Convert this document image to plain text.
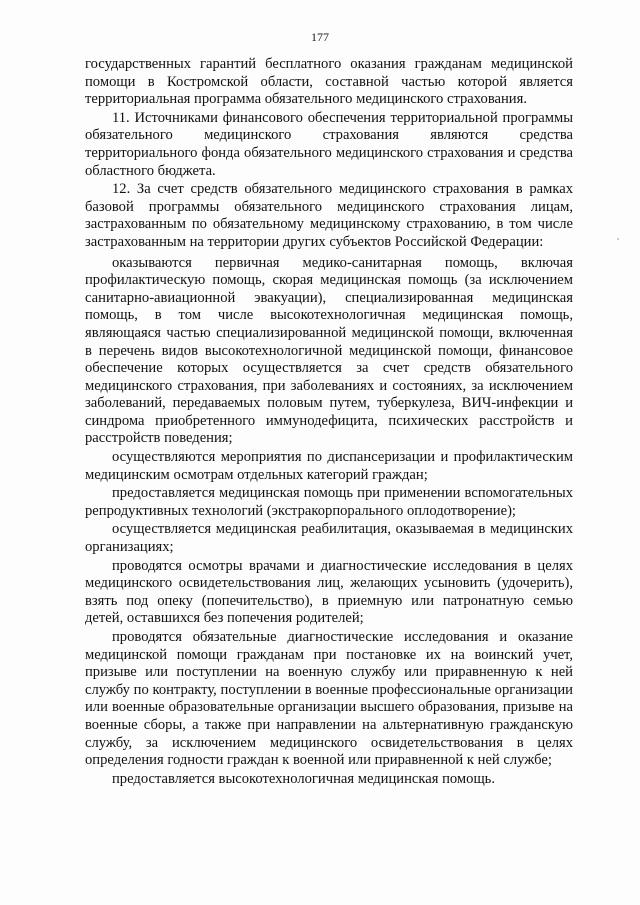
177

государственных гарантий бесплатного оказания гражданам медицинской помощи в Костромской области, составной частью которой является территориальная программа обязательного медицинского страхования.

11. Источниками финансового обеспечения территориальной программы обязательного медицинского страхования являются средства территориального фонда обязательного медицинского страхования и средства областного бюджета.

12. За счет средств обязательного медицинского страхования в рамках базовой программы обязательного медицинского страхования лицам, застрахованным по обязательному медицинскому страхованию, в том числе застрахованным на территории других субъектов Российской Федерации:

оказываются первичная медико-санитарная помощь, включая профилактическую помощь, скорая медицинская помощь (за исключением санитарно-авиационной эвакуации), специализированная медицинская помощь, в том числе высокотехнологичная медицинская помощь, являющаяся частью специализированной медицинской помощи, включенная в перечень видов высокотехнологичной медицинской помощи, финансовое обеспечение которых осуществляется за счет средств обязательного медицинского страхования, при заболеваниях и состояниях, за исключением заболеваний, передаваемых половым путем, туберкулеза, ВИЧ-инфекции и синдрома приобретенного иммунодефицита, психических расстройств и расстройств поведения;

осуществляются мероприятия по диспансеризации и профилактическим медицинским осмотрам отдельных категорий граждан;

предоставляется медицинская помощь при применении вспомогательных репродуктивных технологий (экстракорпорального оплодотворение);

осуществляется медицинская реабилитация, оказываемая в медицинских организациях;

проводятся осмотры врачами и диагностические исследования в целях медицинского освидетельствования лиц, желающих усыновить (удочерить), взять под опеку (попечительство), в приемную или патронатную семью детей, оставшихся без попечения родителей;

проводятся обязательные диагностические исследования и оказание медицинской помощи гражданам при постановке их на воинский учет, призыве или поступлении на военную службу или приравненную к ней службу по контракту, поступлении в военные профессиональные организации или военные образовательные организации высшего образования, призыве на военные сборы, а также при направлении на альтернативную гражданскую службу, за исключением медицинского освидетельствования в целях определения годности граждан к военной или приравненной к ней службе;

предоставляется высокотехнологичная медицинская помощь.
